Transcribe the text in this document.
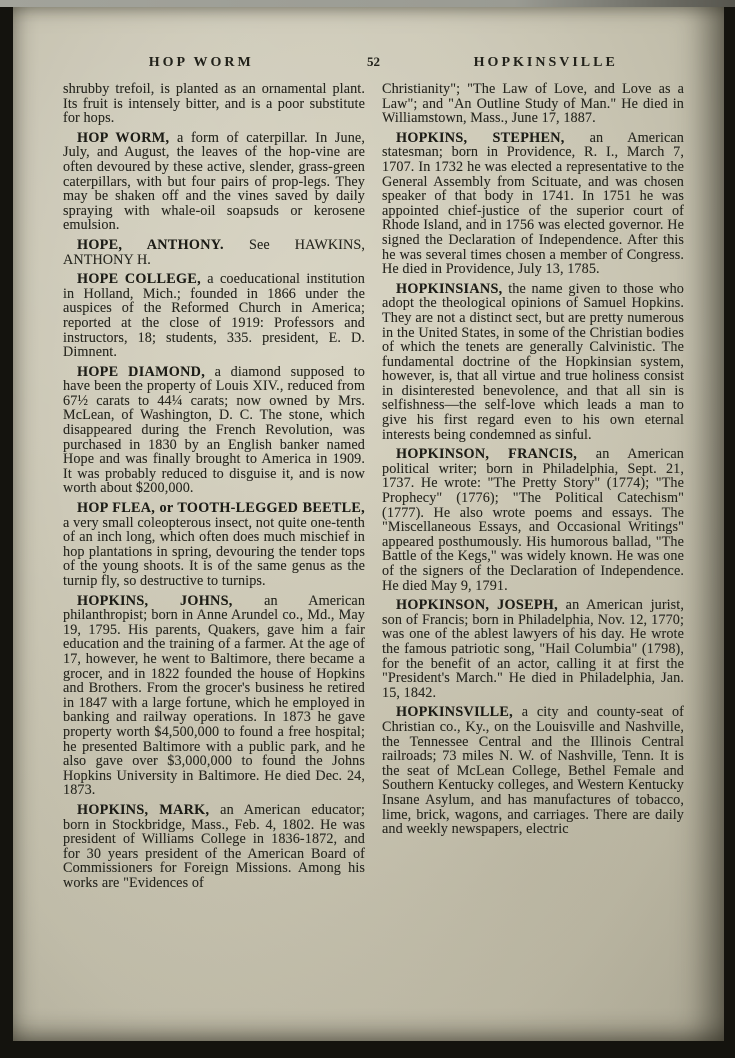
HOP WORM	52	HOPKINSVILLE

shrubby trefoil, is planted as an ornamental plant. Its fruit is intensely bitter, and is a poor substitute for hops.

HOP WORM, a form of caterpillar. In June, July, and August, the leaves of the hop-vine are often devoured by these active, slender, grass-green caterpillars, with but four pairs of prop-legs. They may be shaken off and the vines saved by daily spraying with whale-oil soapsuds or kerosene emulsion.

HOPE, ANTHONY. See HAWKINS, ANTHONY H.

HOPE COLLEGE, a coeducational institution in Holland, Mich.; founded in 1866 under the auspices of the Reformed Church in America; reported at the close of 1919: Professors and instructors, 18; students, 335. president, E. D. Dimnent.

HOPE DIAMOND, a diamond supposed to have been the property of Louis XIV., reduced from 67½ carats to 44¼ carats; now owned by Mrs. McLean, of Washington, D. C. The stone, which disappeared during the French Revolution, was purchased in 1830 by an English banker named Hope and was finally brought to America in 1909. It was probably reduced to disguise it, and is now worth about $200,000.

HOP FLEA, or TOOTH-LEGGED BEETLE, a very small coleopterous insect, not quite one-tenth of an inch long, which often does much mischief in hop plantations in spring, devouring the tender tops of the young shoots. It is of the same genus as the turnip fly, so destructive to turnips.

HOPKINS, JOHNS, an American philanthropist; born in Anne Arundel co., Md., May 19, 1795. His parents, Quakers, gave him a fair education and the training of a farmer. At the age of 17, however, he went to Baltimore, there became a grocer, and in 1822 founded the house of Hopkins and Brothers. From the grocer's business he retired in 1847 with a large fortune, which he employed in banking and railway operations. In 1873 he gave property worth $4,500,000 to found a free hospital; he presented Baltimore with a public park, and he also gave over $3,000,000 to found the Johns Hopkins University in Baltimore. He died Dec. 24, 1873.

HOPKINS, MARK, an American educator; born in Stockbridge, Mass., Feb. 4, 1802. He was president of Williams College in 1836-1872, and for 30 years president of the American Board of Commissioners for Foreign Missions. Among his works are "Evidences of

Christianity"; "The Law of Love, and Love as a Law"; and "An Outline Study of Man." He died in Williamstown, Mass., June 17, 1887.

HOPKINS, STEPHEN, an American statesman; born in Providence, R. I., March 7, 1707. In 1732 he was elected a representative to the General Assembly from Scituate, and was chosen speaker of that body in 1741. In 1751 he was appointed chief-justice of the superior court of Rhode Island, and in 1756 was elected governor. He signed the Declaration of Independence. After this he was several times chosen a member of Congress. He died in Providence, July 13, 1785.

HOPKINSIANS, the name given to those who adopt the theological opinions of Samuel Hopkins. They are not a distinct sect, but are pretty numerous in the United States, in some of the Christian bodies of which the tenets are generally Calvinistic. The fundamental doctrine of the Hopkinsian system, however, is, that all virtue and true holiness consist in disinterested benevolence, and that all sin is selfishness—the self-love which leads a man to give his first regard even to his own eternal interests being condemned as sinful.

HOPKINSON, FRANCIS, an American political writer; born in Philadelphia, Sept. 21, 1737. He wrote: "The Pretty Story" (1774); "The Prophecy" (1776); "The Political Catechism" (1777). He also wrote poems and essays. The "Miscellaneous Essays, and Occasional Writings" appeared posthumously. His humorous ballad, "The Battle of the Kegs," was widely known. He was one of the signers of the Declaration of Independence. He died May 9, 1791.

HOPKINSON, JOSEPH, an American jurist, son of Francis; born in Philadelphia, Nov. 12, 1770; was one of the ablest lawyers of his day. He wrote the famous patriotic song, "Hail Columbia" (1798), for the benefit of an actor, calling it at first the "President's March." He died in Philadelphia, Jan. 15, 1842.

HOPKINSVILLE, a city and county-seat of Christian co., Ky., on the Louisville and Nashville, the Tennessee Central and the Illinois Central railroads; 73 miles N. W. of Nashville, Tenn. It is the seat of McLean College, Bethel Female and Southern Kentucky colleges, and Western Kentucky Insane Asylum, and has manufactures of tobacco, lime, brick, wagons, and carriages. There are daily and weekly newspapers, electric
